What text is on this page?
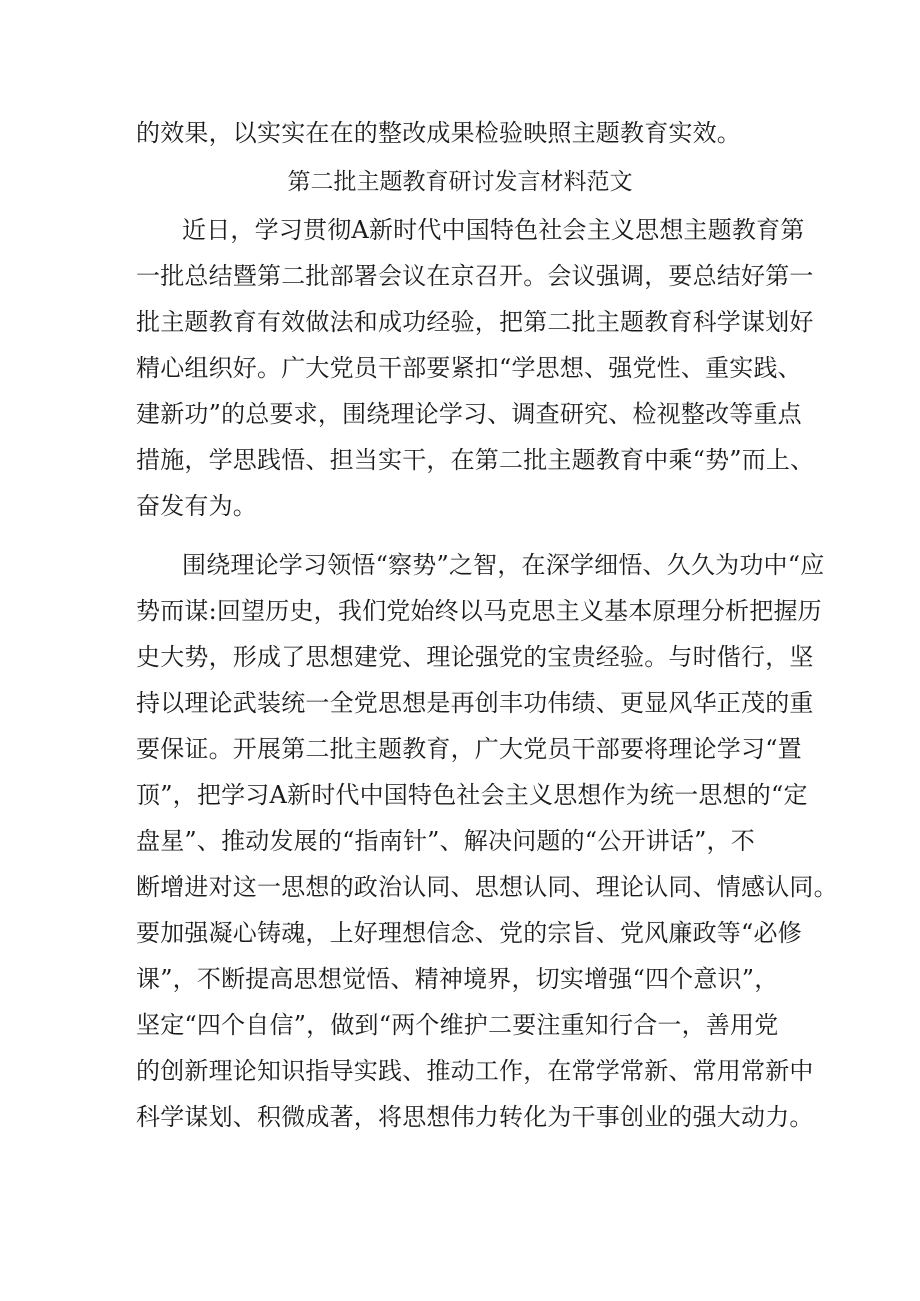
的效果，以实实在在的整改成果检验映照主题教育实效。
第二批主题教育研讨发言材料范文
近日，学习贯彻A新时代中国特色社会主义思想主题教育第
一批总结暨第二批部署会议在京召开。会议强调，要总结好第一
批主题教育有效做法和成功经验，把第二批主题教育科学谋划好
精心组织好。广大党员干部要紧扣“学思想、强党性、重实践、
建新功”的总要求，围绕理论学习、调查研究、检视整改等重点
措施，学思践悟、担当实干，在第二批主题教育中乘“势”而上、
奋发有为。
围绕理论学习领悟“察势”之智，在深学细悟、久久为功中“应
势而谋:回望历史，我们党始终以马克思主义基本原理分析把握历
史大势，形成了思想建党、理论强党的宝贵经验。与时偕行，坚
持以理论武装统一全党思想是再创丰功伟绩、更显风华正茂的重
要保证。开展第二批主题教育，广大党员干部要将理论学习“置
顶”，把学习A新时代中国特色社会主义思想作为统一思想的“定
盘星”、推动发展的“指南针”、解决问题的“公开讲话”，不
断增进对这一思想的政治认同、思想认同、理论认同、情感认同。
要加强凝心铸魂，上好理想信念、党的宗旨、党风廉政等“必修
课”，不断提高思想觉悟、精神境界，切实增强“四个意识”，
坚定“四个自信”，做到“两个维护二要注重知行合一，善用党
的创新理论知识指导实践、推动工作，在常学常新、常用常新中
科学谋划、积微成著，将思想伟力转化为干事创业的强大动力。
